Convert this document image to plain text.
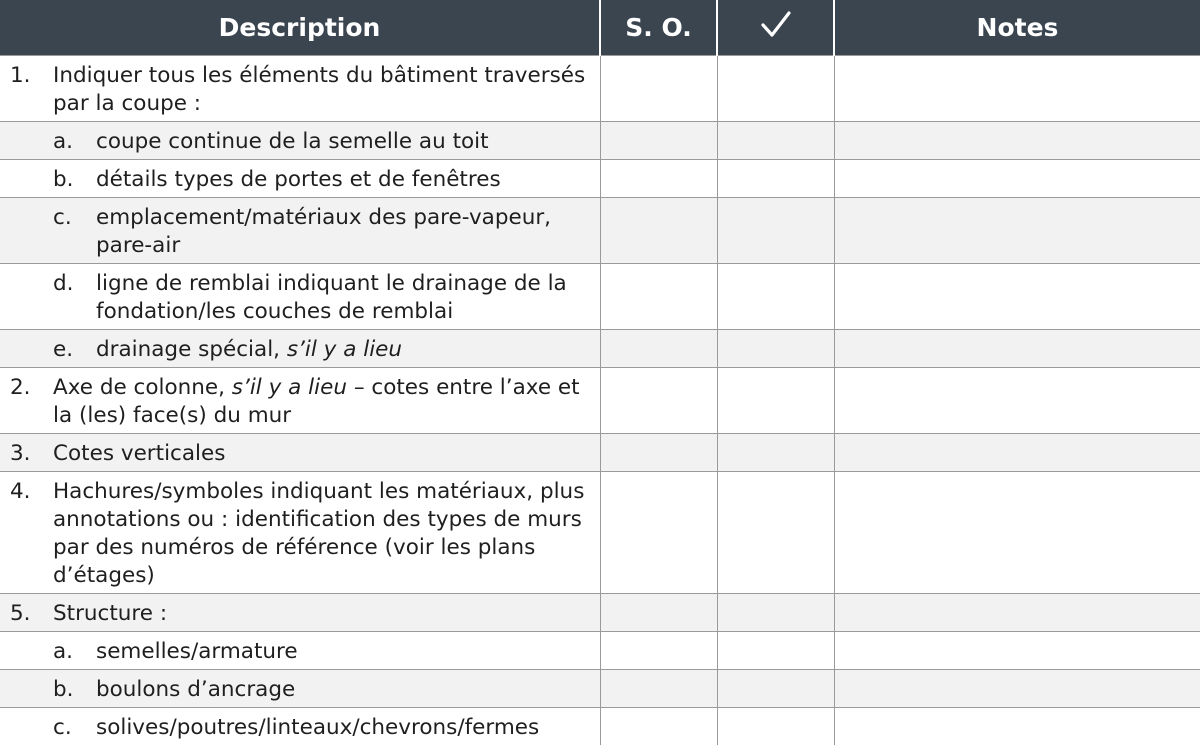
Description	S. O.		Notes

1. Indiquer tous les éléments du bâtiment traversés par la coupe :			

a. coupe continue de la semelle au toit			

b. détails types de portes et de fenêtres			

c. emplacement/matériaux des pare-vapeur, pare-air			

d. ligne de remblai indiquant le drainage de la fondation/les couches de remblai			

e. drainage spécial, s’il y a lieu			

2. Axe de colonne, s’il y a lieu – cotes entre l’axe et la (les) face(s) du mur			

3. Cotes verticales			

4. Hachures/symboles indiquant les matériaux, plus annotations ou : identification des types de murs par des numéros de référence (voir les plans d’étages)			

5. Structure :			

a. semelles/armature			

b. boulons d’ancrage			

c. solives/poutres/linteaux/chevrons/fermes			
